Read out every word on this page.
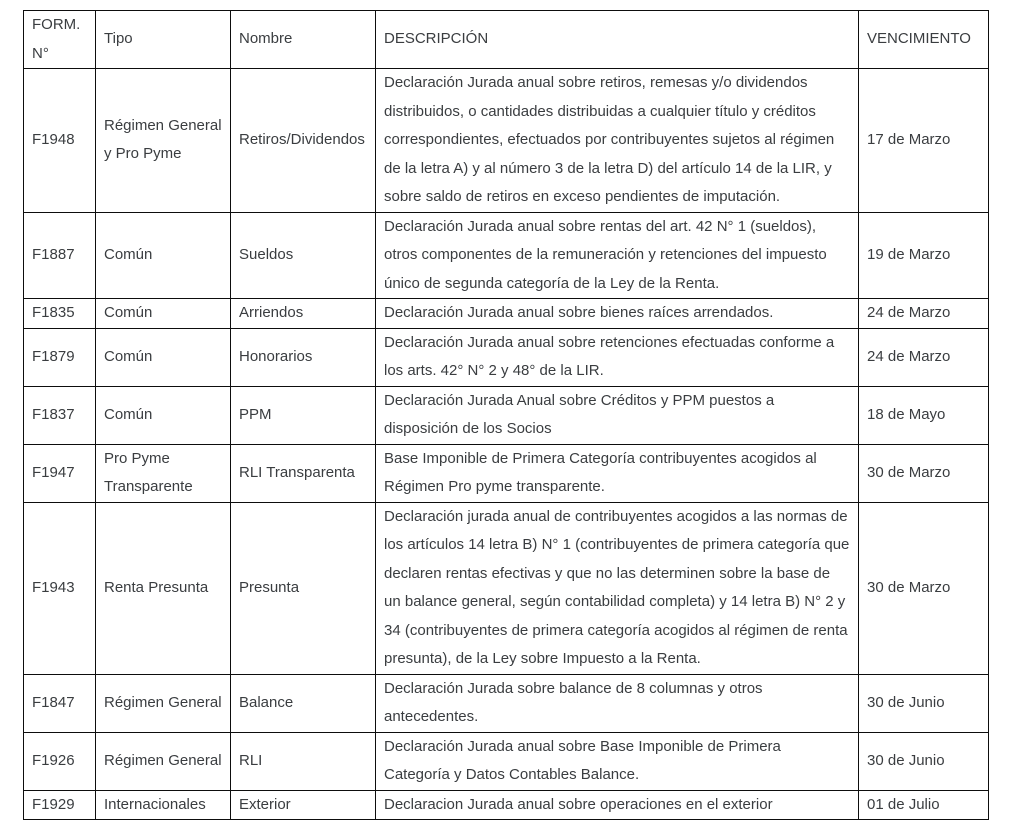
FORM. N°	Tipo	Nombre	DESCRIPCIÓN	VENCIMIENTO
F1948	Régimen General y Pro Pyme	Retiros/Dividendos	Declaración Jurada anual sobre retiros, remesas y/o dividendos distribuidos, o cantidades distribuidas a cualquier título y créditos correspondientes, efectuados por contribuyentes sujetos al régimen de la letra A) y al número 3 de la letra D) del artículo 14 de la LIR, y sobre saldo de retiros en exceso pendientes de imputación.	17 de Marzo
F1887	Común	Sueldos	Declaración Jurada anual sobre rentas del art. 42 N° 1 (sueldos), otros componentes de la remuneración y retenciones del impuesto único de segunda categoría de la Ley de la Renta.	19 de Marzo
F1835	Común	Arriendos	Declaración Jurada anual sobre bienes raíces arrendados.	24 de Marzo
F1879	Común	Honorarios	Declaración Jurada anual sobre retenciones efectuadas conforme a los arts. 42° N° 2 y 48° de la LIR.	24 de Marzo
F1837	Común	PPM	Declaración Jurada Anual sobre Créditos y PPM puestos a disposición de los Socios	18 de Mayo
F1947	Pro Pyme Transparente	RLI Transparenta	Base Imponible de Primera Categoría contribuyentes acogidos al Régimen Pro pyme transparente.	30 de Marzo
F1943	Renta Presunta	Presunta	Declaración jurada anual de contribuyentes acogidos a las normas de los artículos 14 letra B) N° 1 (contribuyentes de primera categoría que declaren rentas efectivas y que no las determinen sobre la base de un balance general, según contabilidad completa) y 14 letra B) N° 2 y 34 (contribuyentes de primera categoría acogidos al régimen de renta presunta), de la Ley sobre Impuesto a la Renta.	30 de Marzo
F1847	Régimen General	Balance	Declaración Jurada sobre balance de 8 columnas y otros antecedentes.	30 de Junio
F1926	Régimen General	RLI	Declaración Jurada anual sobre Base Imponible de Primera Categoría y Datos Contables Balance.	30 de Junio
F1929	Internacionales	Exterior	Declaracion Jurada anual sobre operaciones en el exterior	01 de Julio
